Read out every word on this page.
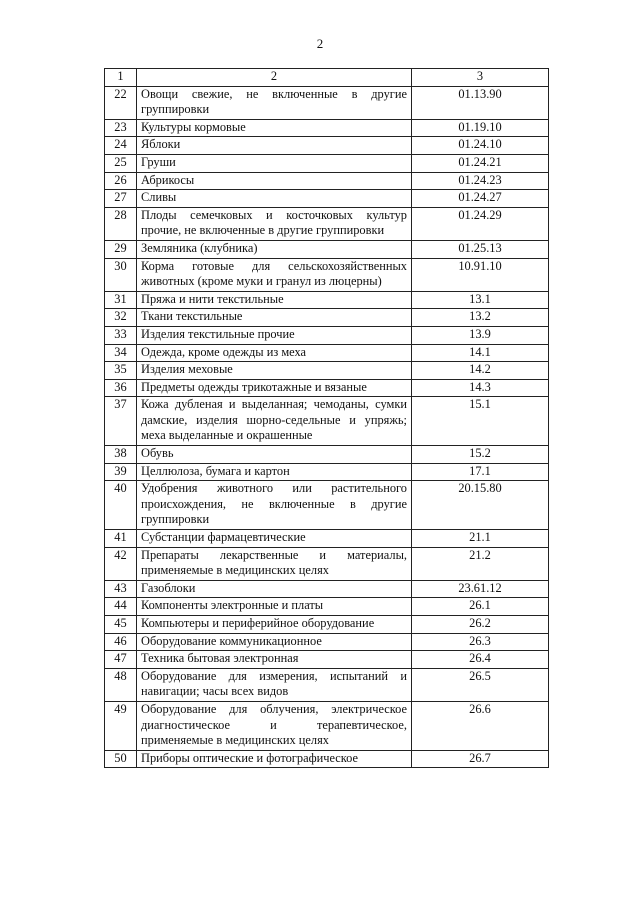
2
1	2	3
22	Овощи свежие, не включенные в другие группировки	01.13.90
23	Культуры кормовые	01.19.10
24	Яблоки	01.24.10
25	Груши	01.24.21
26	Абрикосы	01.24.23
27	Сливы	01.24.27
28	Плоды семечковых и косточковых культур прочие, не включенные в другие группировки	01.24.29
29	Земляника (клубника)	01.25.13
30	Корма готовые для сельскохозяйственных животных (кроме муки и гранул из люцерны)	10.91.10
31	Пряжа и нити текстильные	13.1
32	Ткани текстильные	13.2
33	Изделия текстильные прочие	13.9
34	Одежда, кроме одежды из меха	14.1
35	Изделия меховые	14.2
36	Предметы одежды трикотажные и вязаные	14.3
37	Кожа дубленая и выделанная; чемоданы, сумки дамские, изделия шорно-седельные и упряжь; меха выделанные и окрашенные	15.1
38	Обувь	15.2
39	Целлюлоза, бумага и картон	17.1
40	Удобрения животного или растительного происхождения, не включенные в другие группировки	20.15.80
41	Субстанции фармацевтические	21.1
42	Препараты лекарственные и материалы, применяемые в медицинских целях	21.2
43	Газоблоки	23.61.12
44	Компоненты электронные и платы	26.1
45	Компьютеры и периферийное оборудование	26.2
46	Оборудование коммуникационное	26.3
47	Техника бытовая электронная	26.4
48	Оборудование для измерения, испытаний и навигации; часы всех видов	26.5
49	Оборудование для облучения, электрическое диагностическое и терапевтическое, применяемые в медицинских целях	26.6
50	Приборы оптические и фотографическое	26.7
